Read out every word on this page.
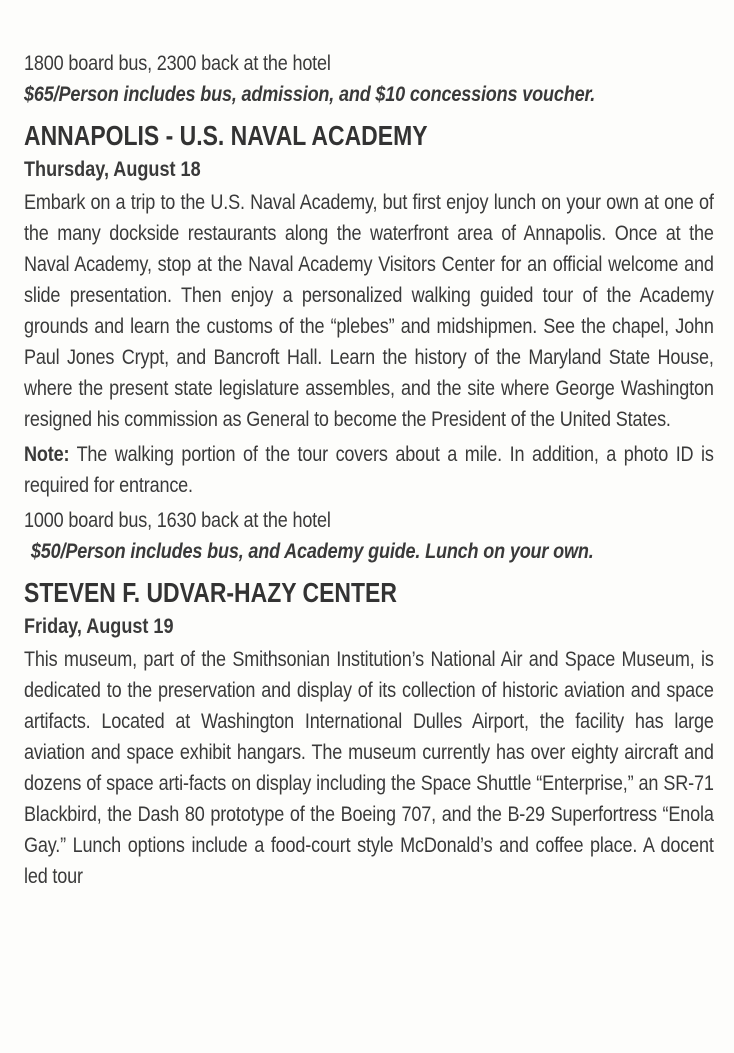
1800 board bus, 2300 back at the hotel
$65/Person includes bus, admission, and $10 concessions voucher.
ANNAPOLIS - U.S. NAVAL ACADEMY
Thursday, August 18
Embark on a trip to the U.S. Naval Academy, but first enjoy lunch on your own at one of the many dockside restaurants along the waterfront area of Annapolis. Once at the Naval Academy, stop at the Naval Academy Visitors Center for an official welcome and slide presentation. Then enjoy a personalized walking guided tour of the Academy grounds and learn the customs of the “plebes” and midshipmen. See the chapel, John Paul Jones Crypt, and Bancroft Hall. Learn the history of the Maryland State House, where the present state legislature assembles, and the site where George Washington resigned his commission as General to become the President of the United States.
Note: The walking portion of the tour covers about a mile. In addition, a photo ID is required for entrance.
1000 board bus, 1630 back at the hotel
$50/Person includes bus, and Academy guide. Lunch on your own.
STEVEN F. UDVAR-HAZY CENTER
Friday, August 19
This museum, part of the Smithsonian Institution’s National Air and Space Museum, is dedicated to the preservation and display of its collection of historic aviation and space artifacts. Located at Washington International Dulles Airport, the facility has large aviation and space exhibit hangars. The museum currently has over eighty aircraft and dozens of space arti-facts on display including the Space Shuttle “Enterprise,” an SR-71 Blackbird, the Dash 80 prototype of the Boeing 707, and the B-29 Superfortress “Enola Gay.” Lunch options include a food-court style McDonald’s and coffee place. A docent led tour
